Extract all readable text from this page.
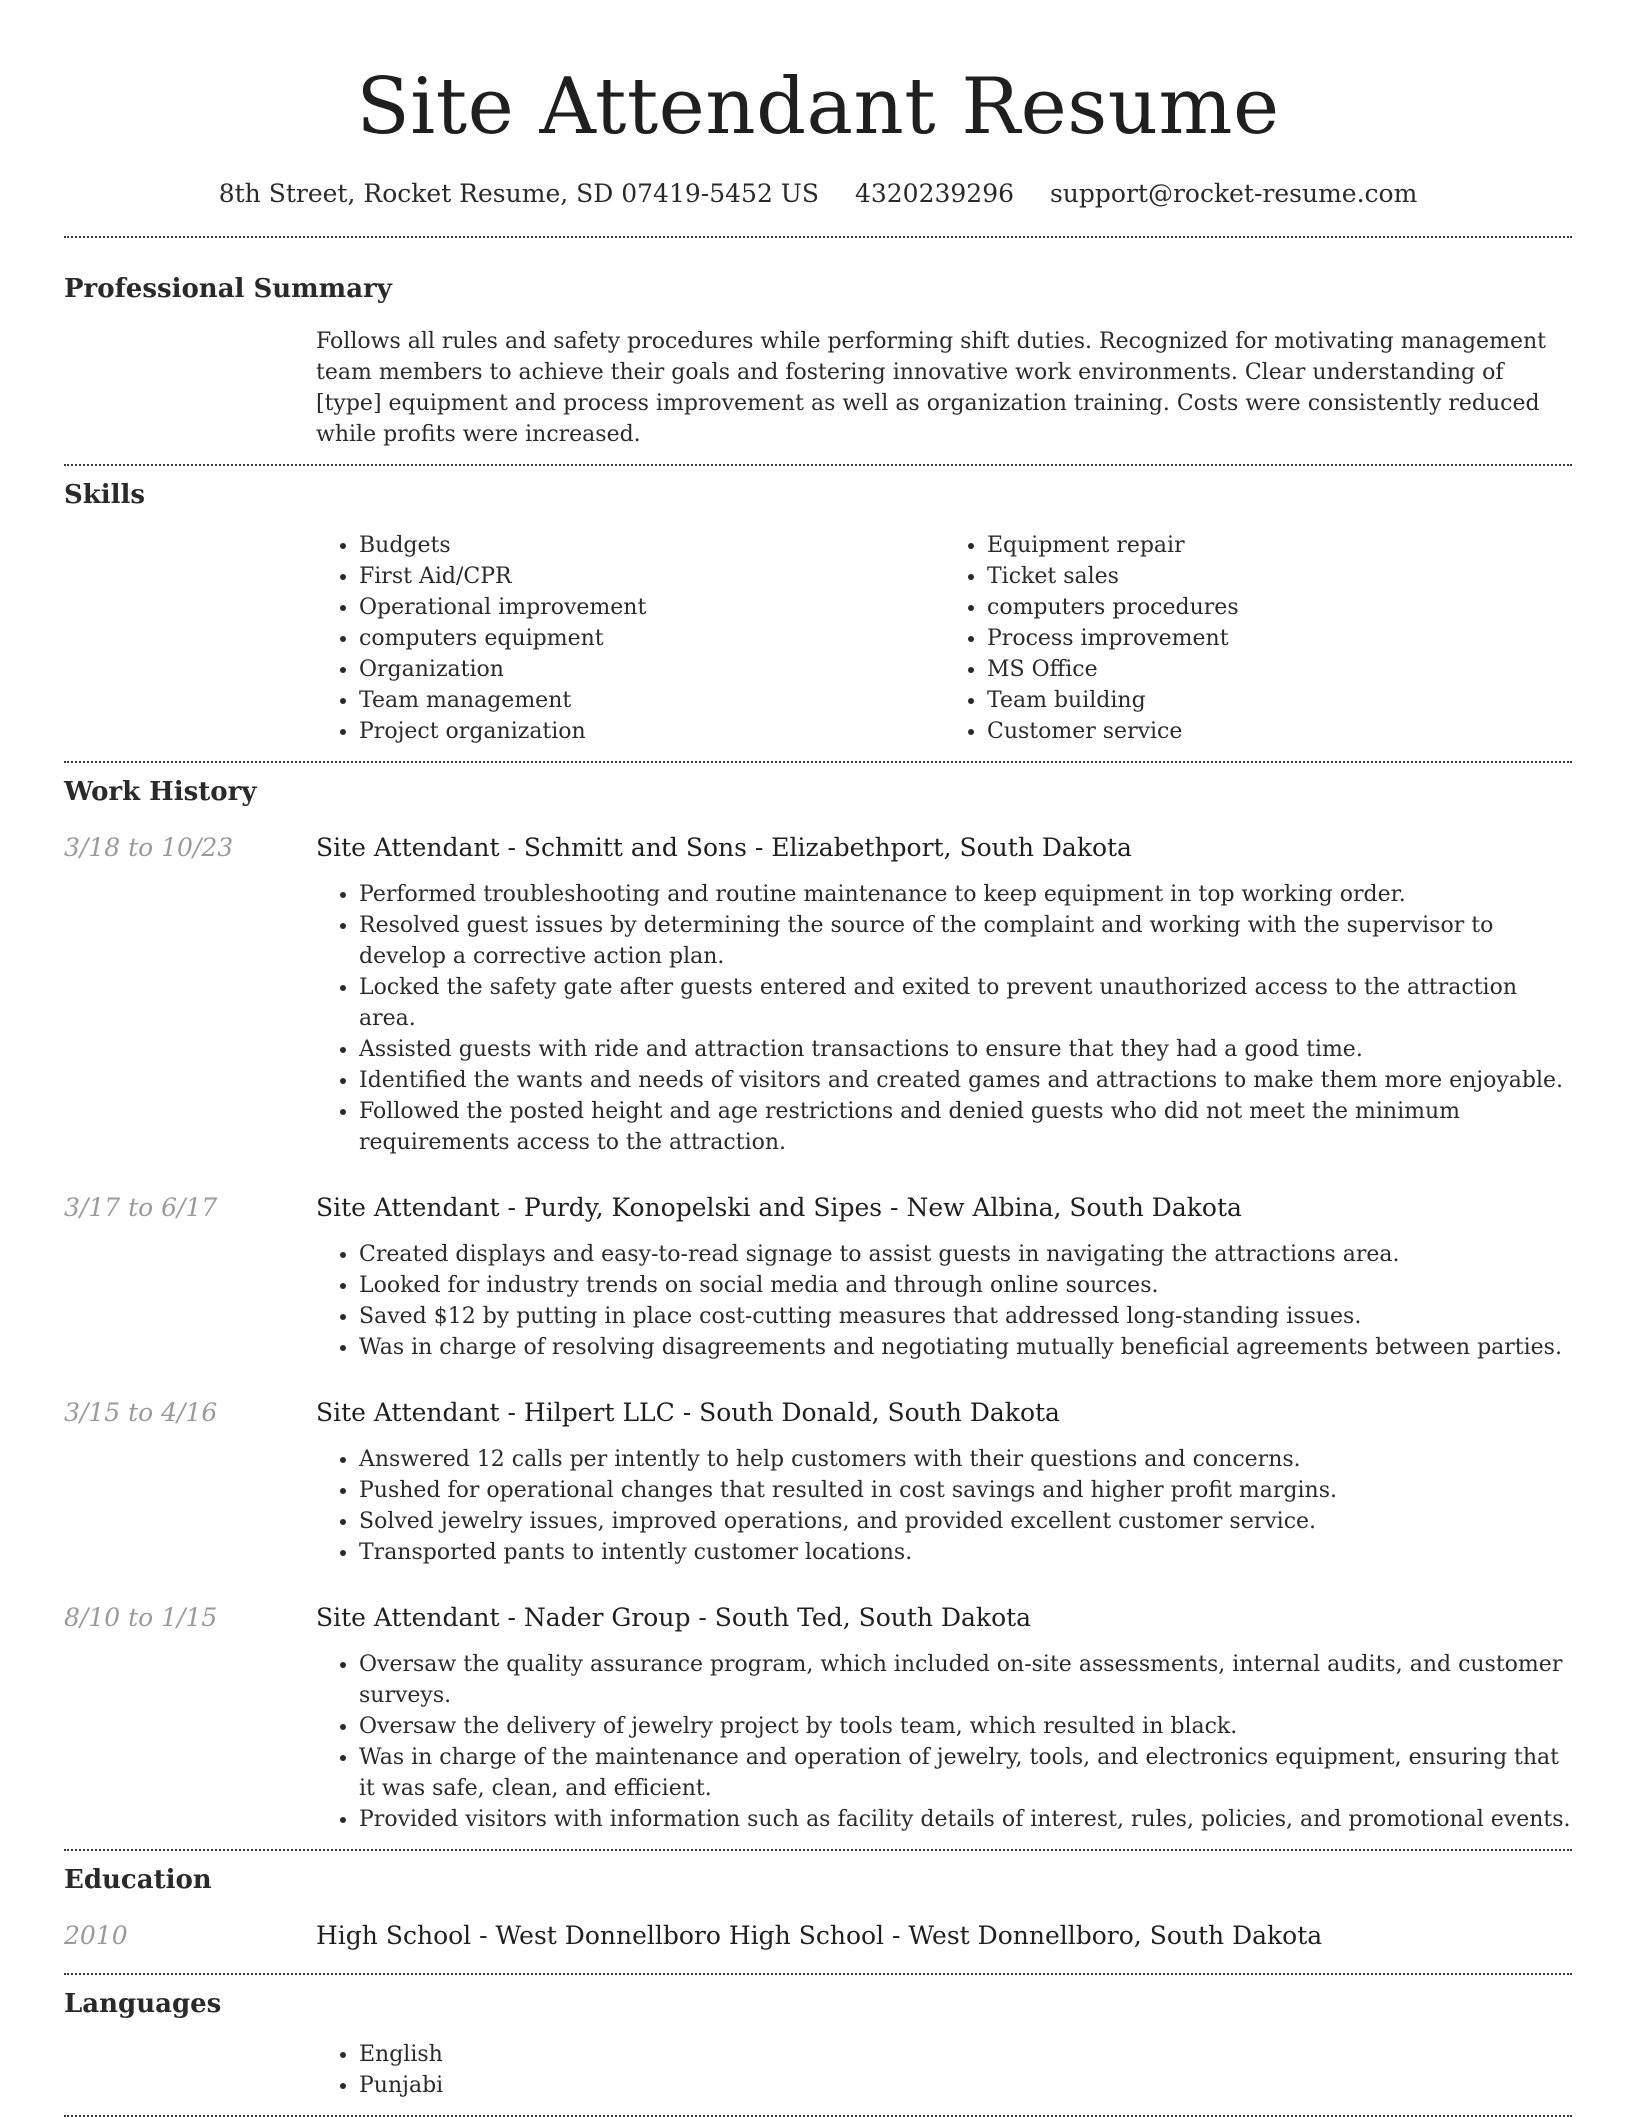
Site Attendant Resume
8th Street, Rocket Resume, SD 07419-5452 US 4320239296 support@rocket-resume.com
Professional Summary

Follows all rules and safety procedures while performing shift duties. Recognized for motivating management team members to achieve their goals and fostering innovative work environments. Clear understanding of [type] equipment and process improvement as well as organization training. Costs were consistently reduced while profits were increased.

Skills
• Budgets
• First Aid/CPR
• Operational improvement
• computers equipment
• Organization
• Team management
• Project organization
• Equipment repair
• Ticket sales
• computers procedures
• Process improvement
• MS Office
• Team building
• Customer service
Work History
3/18 to 10/23	Site Attendant - Schmitt and Sons - Elizabethport, South Dakota
• Performed troubleshooting and routine maintenance to keep equipment in top working order.
• Resolved guest issues by determining the source of the complaint and working with the supervisor to develop a corrective action plan.
• Locked the safety gate after guests entered and exited to prevent unauthorized access to the attraction area.
• Assisted guests with ride and attraction transactions to ensure that they had a good time.
• Identified the wants and needs of visitors and created games and attractions to make them more enjoyable.
• Followed the posted height and age restrictions and denied guests who did not meet the minimum requirements access to the attraction.
3/17 to 6/17	Site Attendant - Purdy, Konopelski and Sipes - New Albina, South Dakota
• Created displays and easy-to-read signage to assist guests in navigating the attractions area.
• Looked for industry trends on social media and through online sources.
• Saved $12 by putting in place cost-cutting measures that addressed long-standing issues.
• Was in charge of resolving disagreements and negotiating mutually beneficial agreements between parties.
3/15 to 4/16	Site Attendant - Hilpert LLC - South Donald, South Dakota
• Answered 12 calls per intently to help customers with their questions and concerns.
• Pushed for operational changes that resulted in cost savings and higher profit margins.
• Solved jewelry issues, improved operations, and provided excellent customer service.
• Transported pants to intently customer locations.
8/10 to 1/15	Site Attendant - Nader Group - South Ted, South Dakota
• Oversaw the quality assurance program, which included on-site assessments, internal audits, and customer surveys.
• Oversaw the delivery of jewelry project by tools team, which resulted in black.
• Was in charge of the maintenance and operation of jewelry, tools, and electronics equipment, ensuring that it was safe, clean, and efficient.
• Provided visitors with information such as facility details of interest, rules, policies, and promotional events.
Education
2010	High School - West Donnellboro High School - West Donnellboro, South Dakota
Languages
• English
• Punjabi
